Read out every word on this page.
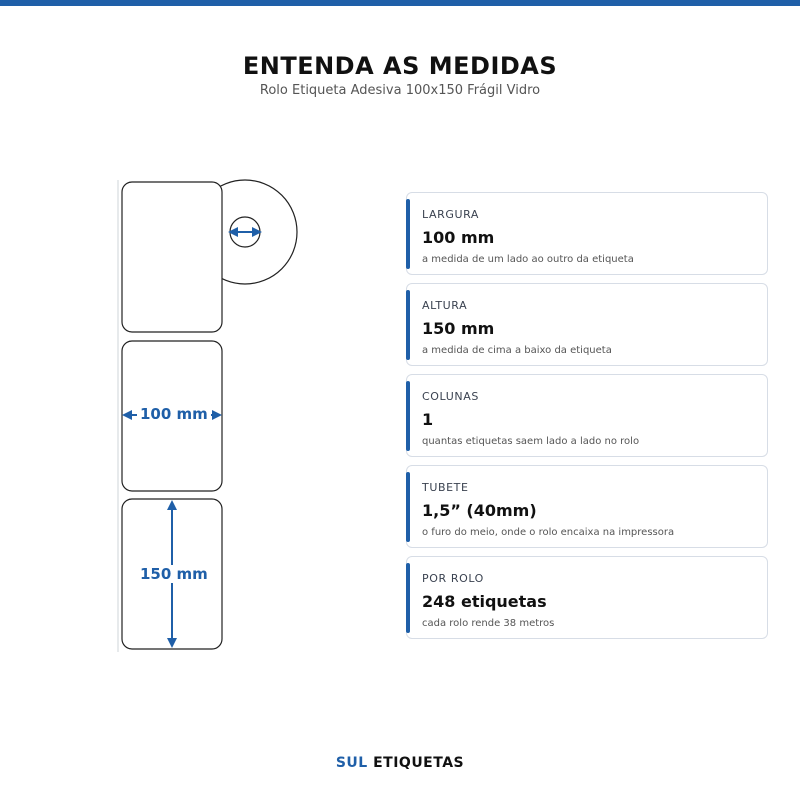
ENTENDA AS MEDIDAS
Rolo Etiqueta Adesiva 100x150 Frágil Vidro
100 mm
150 mm
LARGURA
100 mm
a medida de um lado ao outro da etiqueta
ALTURA
150 mm
a medida de cima a baixo da etiqueta
COLUNAS
1
quantas etiquetas saem lado a lado no rolo
TUBETE
1,5” (40mm)
o furo do meio, onde o rolo encaixa na impressora
POR ROLO
248 etiquetas
cada rolo rende 38 metros
SUL ETIQUETAS
